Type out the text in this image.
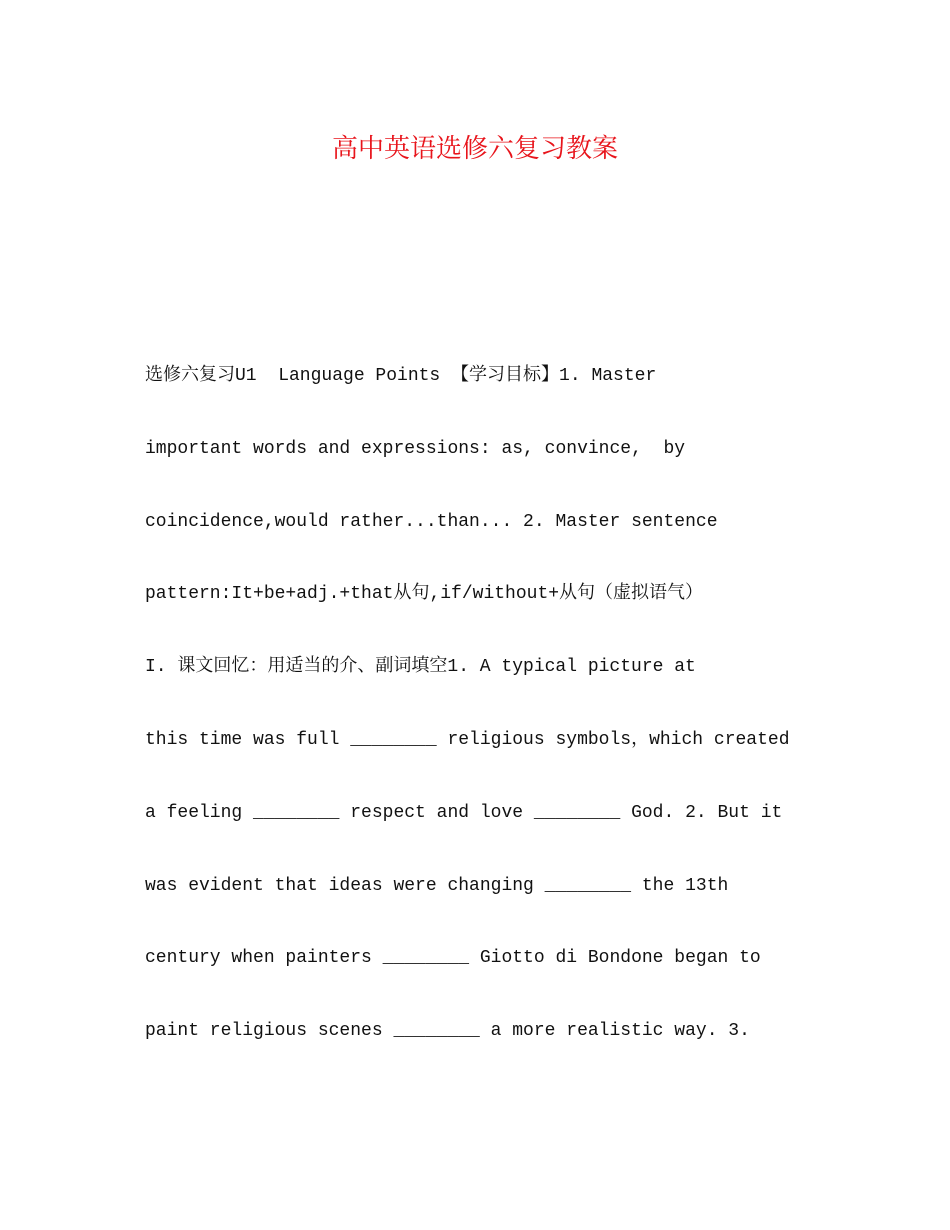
高中英语选修六复习教案
选修六复习U1  Language Points 【学习目标】1. Master
important words and expressions: as, convince,  by
coincidence,would rather...than... 2. Master sentence
pattern:It+be+adj.+that从句,if/without+从句（虚拟语气）
I. 课文回忆：用适当的介、副词填空1. A typical picture at
this time was full ________ religious symbols，which created
a feeling ________ respect and love ________ God. 2. But it
was evident that ideas were changing ________ the 13th
century when painters ________ Giotto di Bondone began to
paint religious scenes ________ a more realistic way. 3.
